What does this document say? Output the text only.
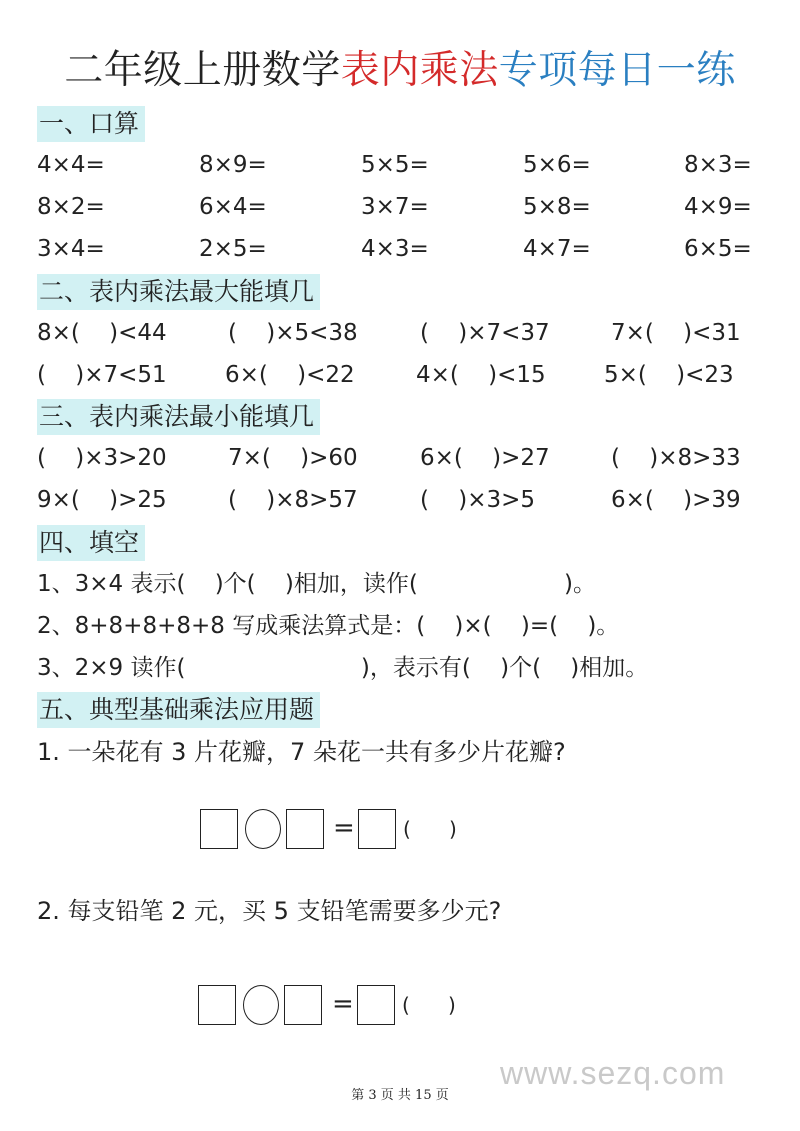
二年级上册数学表内乘法专项每日一练
一、口算
4×4=	8×9=	5×5=	5×6=	8×3=
8×2=	6×4=	3×7=	5×8=	4×9=
3×4=	2×5=	4×3=	4×7=	6×5=
二、表内乘法最大能填几
8×(    )<44	(    )×5<38	(    )×7<37	7×(    )<31
(    )×7<51	6×(    )<22	4×(    )<15	5×(    )<23
三、表内乘法最小能填几
(    )×3>20	7×(    )>60	6×(    )>27	(    )×8>33
9×(    )>25	(    )×8>57	(    )×3>5	6×(    )>39
四、填空
1、3×4 表示(    )个(    )相加，读作(                    )。
2、8+8+8+8+8 写成乘法算式是：(    )×(    )=(    )。
3、2×9 读作(                        )，表示有(    )个(    )相加。
五、典型基础乘法应用题
1. 一朵花有 3 片花瓣，7 朵花一共有多少片花瓣?
= (      )
2. 每支铅笔 2 元，买 5 支铅笔需要多少元?
= (      )
www.sezq.com
第 3 页 共 15 页
